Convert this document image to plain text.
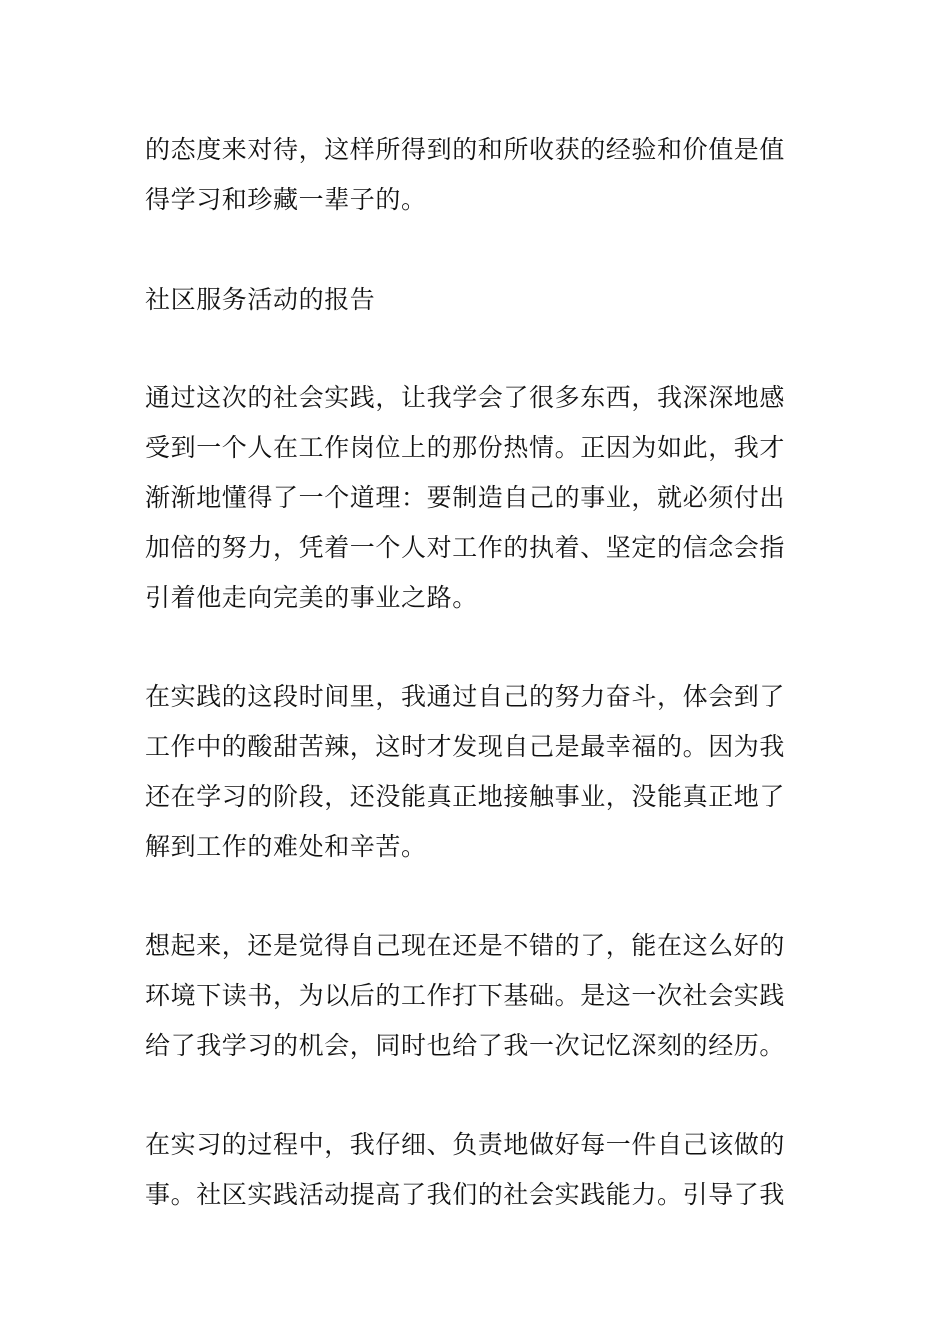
的态度来对待，这样所得到的和所收获的经验和价值是值

得学习和珍藏一辈子的。

社区服务活动的报告

通过这次的社会实践，让我学会了很多东西，我深深地感

受到一个人在工作岗位上的那份热情。正因为如此，我才

渐渐地懂得了一个道理：要制造自己的事业，就必须付出

加倍的努力，凭着一个人对工作的执着、坚定的信念会指

引着他走向完美的事业之路。

在实践的这段时间里，我通过自己的努力奋斗，体会到了

工作中的酸甜苦辣，这时才发现自己是最幸福的。因为我

还在学习的阶段，还没能真正地接触事业，没能真正地了

解到工作的难处和辛苦。

想起来，还是觉得自己现在还是不错的了，能在这么好的

环境下读书，为以后的工作打下基础。是这一次社会实践

给了我学习的机会，同时也给了我一次记忆深刻的经历。

在实习的过程中，我仔细、负责地做好每一件自己该做的

事。社区实践活动提高了我们的社会实践能力。引导了我
